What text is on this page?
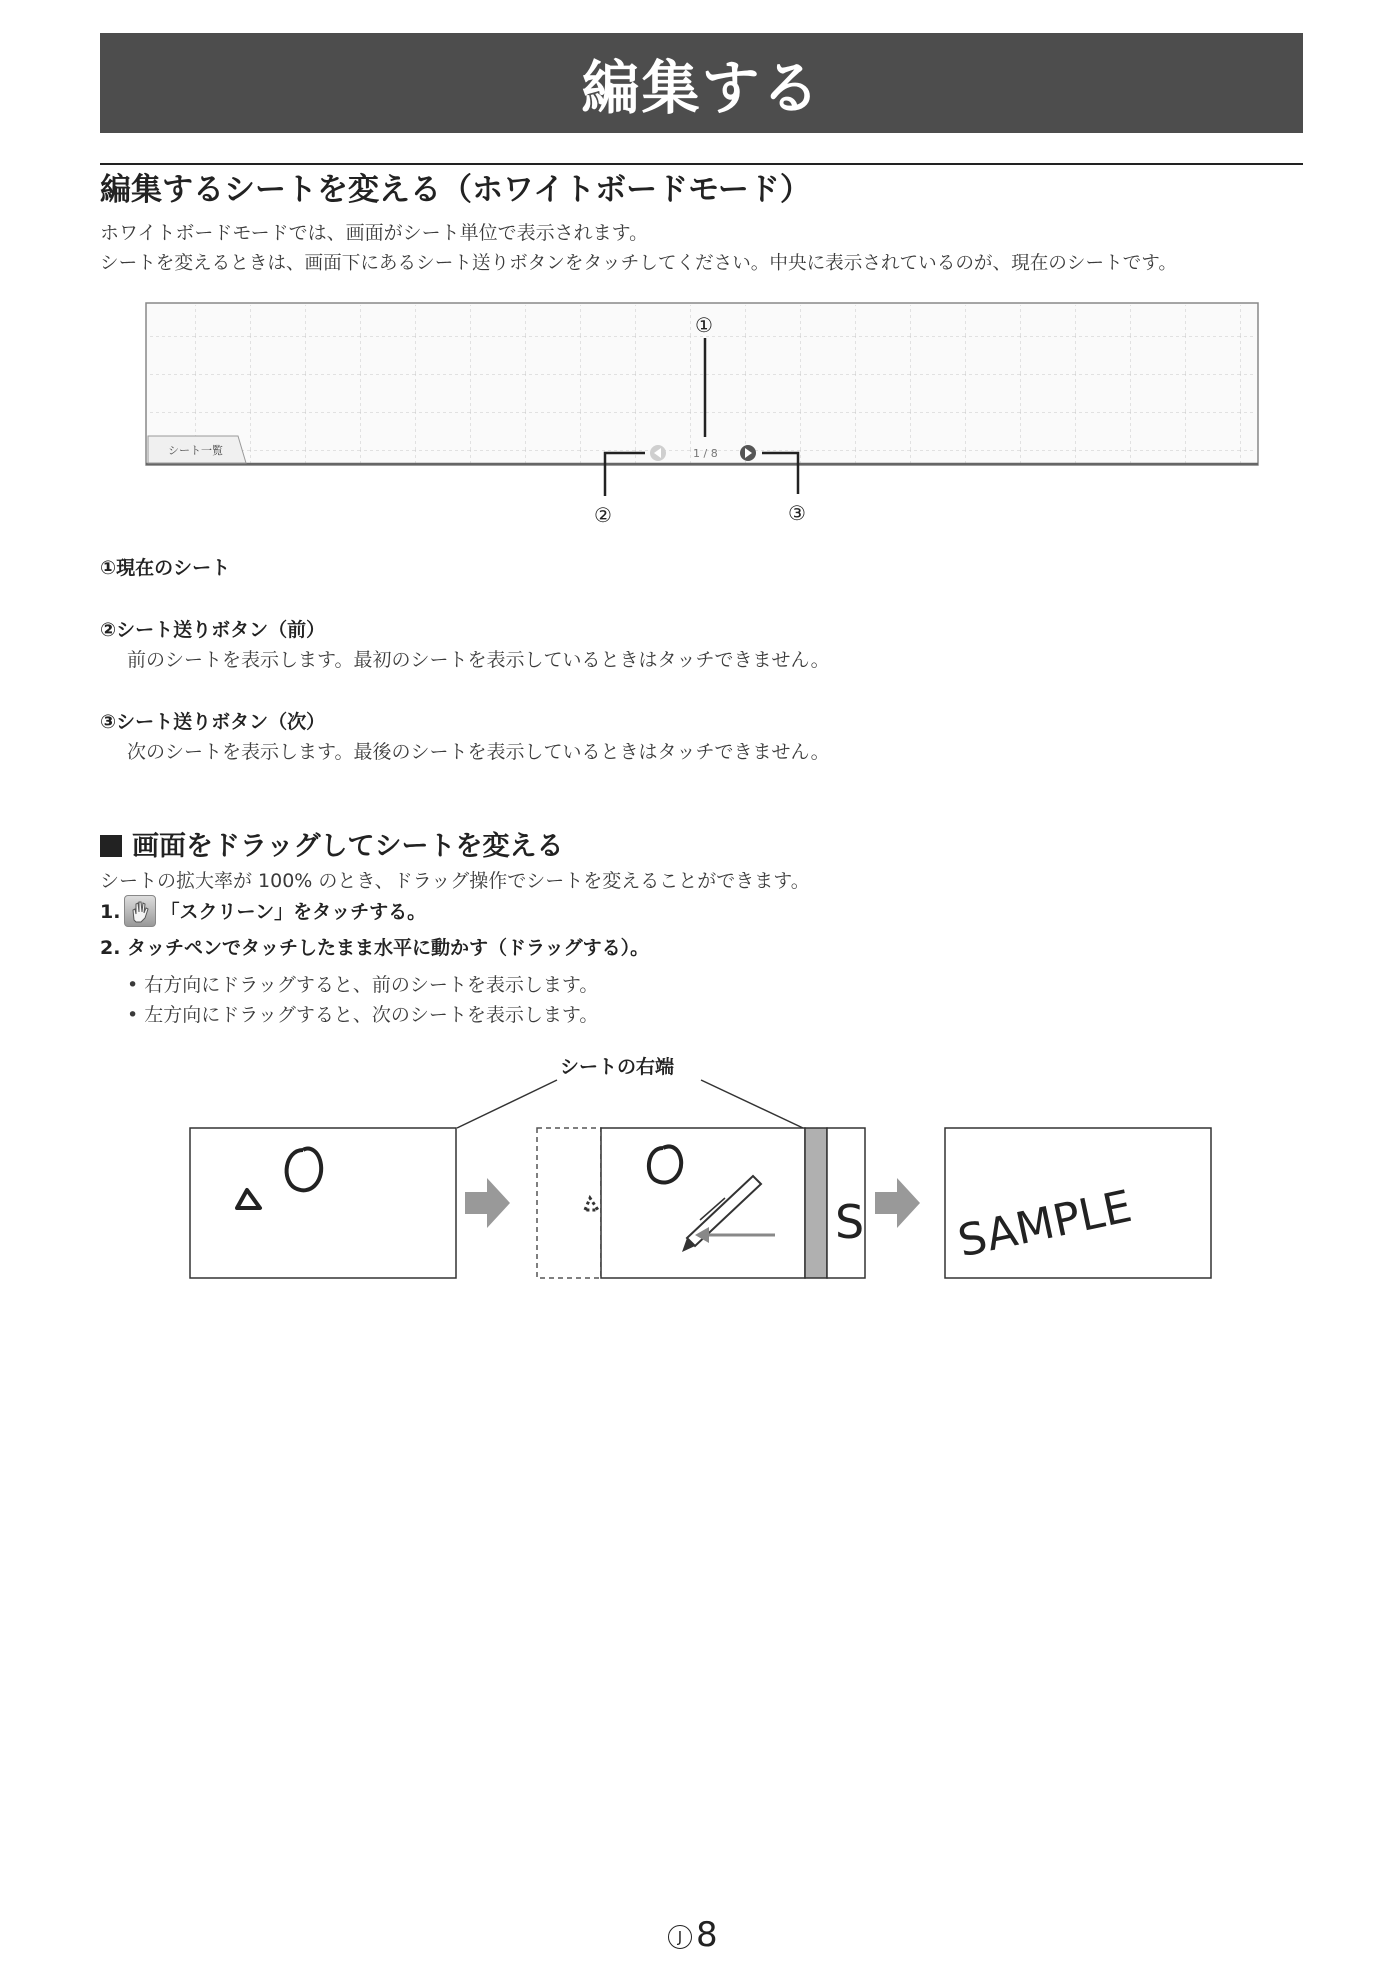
編集する
編集するシートを変える（ホワイトボードモード）
ホワイトボードモードでは、画面がシート単位で表示されます。
シートを変えるときは、画面下にあるシート送りボタンをタッチしてください。中央に表示されているのが、現在のシートです。
シート一覧	1 / 8
①
②	③
①現在のシート
②シート送りボタン（前）
前のシートを表示します。最初のシートを表示しているときはタッチできません。
③シート送りボタン（次）
次のシートを表示します。最後のシートを表示しているときはタッチできません。
画面をドラッグしてシートを変える
シートの拡大率が 100% のとき、ドラッグ操作でシートを変えることができます。
1. 「スクリーン」をタッチする。
2. タッチペンでタッチしたまま水平に動かす（ドラッグする）。
• 右方向にドラッグすると、前のシートを表示します。
• 左方向にドラッグすると、次のシートを表示します。
シートの右端
S SAMPLE
J 8
